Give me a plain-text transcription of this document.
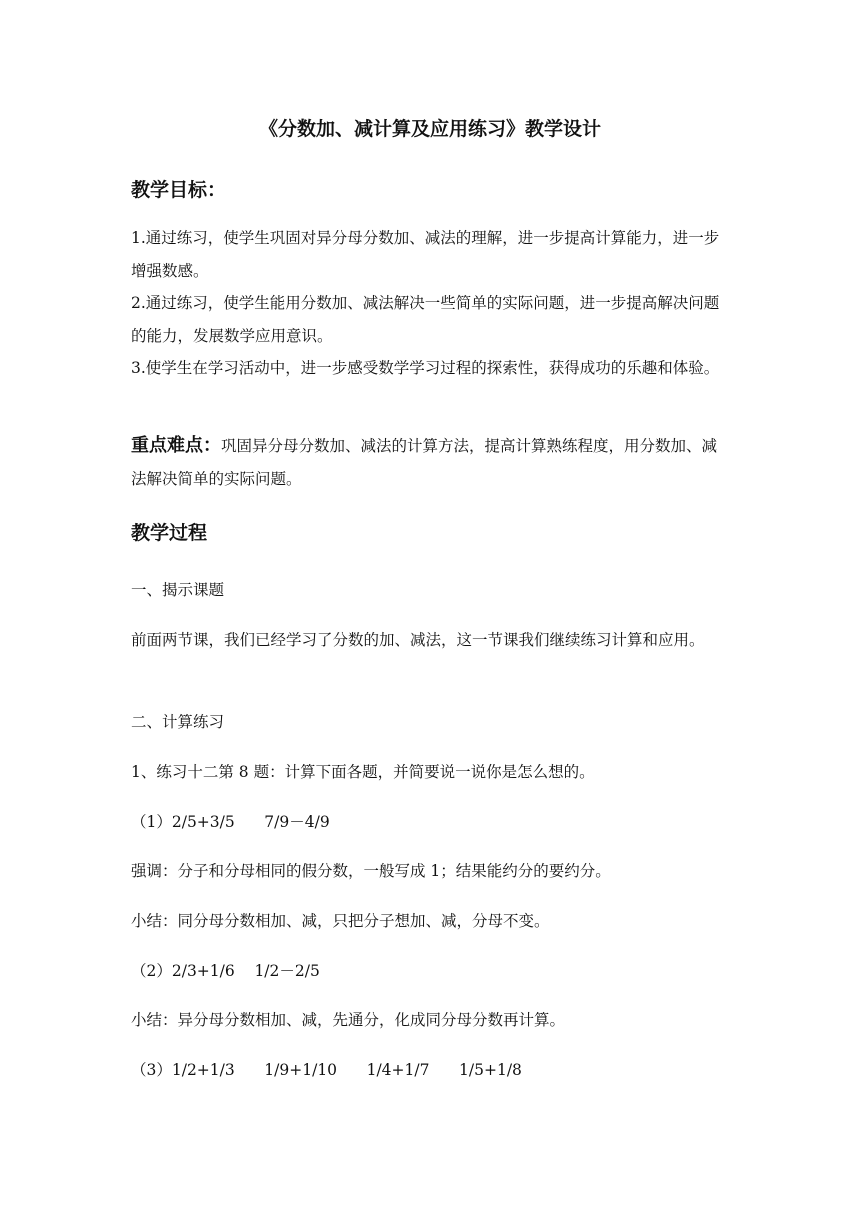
《分数加、减计算及应用练习》教学设计
教学目标：
1.通过练习，使学生巩固对异分母分数加、减法的理解，进一步提高计算能力，进一步增强数感。
2.通过练习，使学生能用分数加、减法解决一些简单的实际问题，进一步提高解决问题的能力，发展数学应用意识。
3.使学生在学习活动中，进一步感受数学学习过程的探索性，获得成功的乐趣和体验。
重点难点：巩固异分母分数加、减法的计算方法，提高计算熟练程度，用分数加、减法解决简单的实际问题。
教学过程
一、揭示课题
前面两节课，我们已经学习了分数的加、减法，这一节课我们继续练习计算和应用。
二、计算练习
1、练习十二第 8 题：计算下面各题，并简要说一说你是怎么想的。
（1）2/5+3/5      7/9－4/9
强调：分子和分母相同的假分数，一般写成 1；结果能约分的要约分。
小结：同分母分数相加、减，只把分子想加、减，分母不变。
（2）2/3+1/6    1/2－2/5
小结：异分母分数相加、减，先通分，化成同分母分数再计算。
（3）1/2+1/3      1/9+1/10      1/4+1/7      1/5+1/8
